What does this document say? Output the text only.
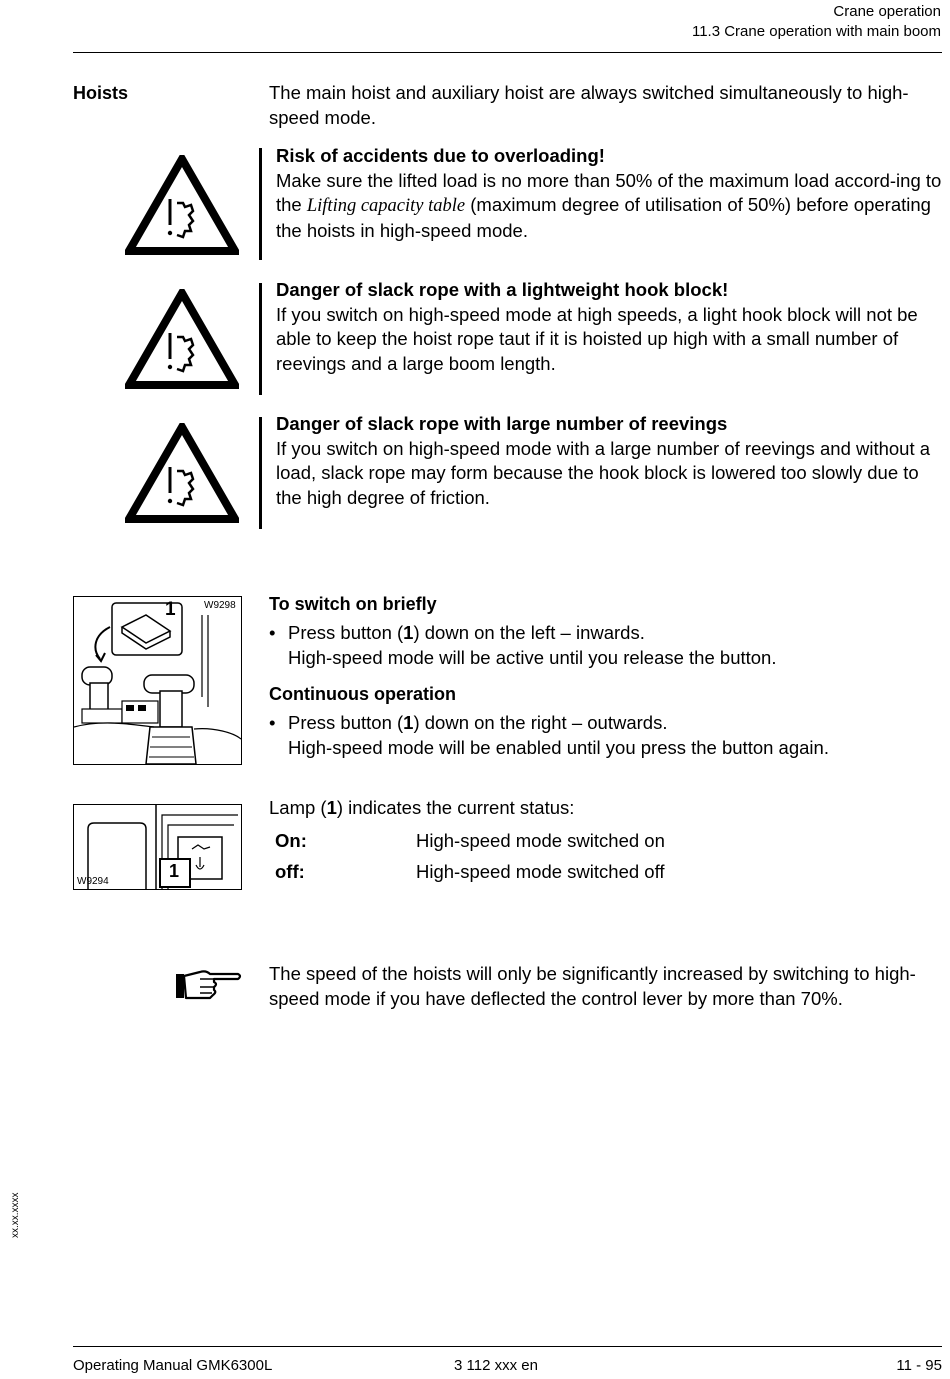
Crane operation
11.3 Crane operation with main boom
Hoists	The main hoist and auxiliary hoist are always switched simultaneously to high-speed mode.
Risk of accidents due to overloading!
Make sure the lifted load is no more than 50% of the maximum load accord-ing to the Lifting capacity table (maximum degree of utilisation of 50%) before operating the hoists in high-speed mode.
Danger of slack rope with a lightweight hook block!
If you switch on high-speed mode at high speeds, a light hook block will not be able to keep the hoist rope taut if it is hoisted up high with a small number of reevings and a large boom length.
Danger of slack rope with large number of reevings
If you switch on high-speed mode with a large number of reevings and without a load, slack rope may form because the hook block is lowered too slowly due to the high degree of friction.
1	W9298 To switch on briefly
• Press button (1) down on the left – inwards.
High-speed mode will be active until you release the button.
Continuous operation
• Press button (1) down on the right – outwards.
High-speed mode will be enabled until you press the button again.
1
W9294
Lamp (1) indicates the current status:
On:	High-speed mode switched on
off:	High-speed mode switched off
The speed of the hoists will only be significantly increased by switching to high-speed mode if you have deflected the control lever by more than 70%.
xx.xx.xxxx
Operating Manual GMK6300L	3 112 xxx en	11 - 95
